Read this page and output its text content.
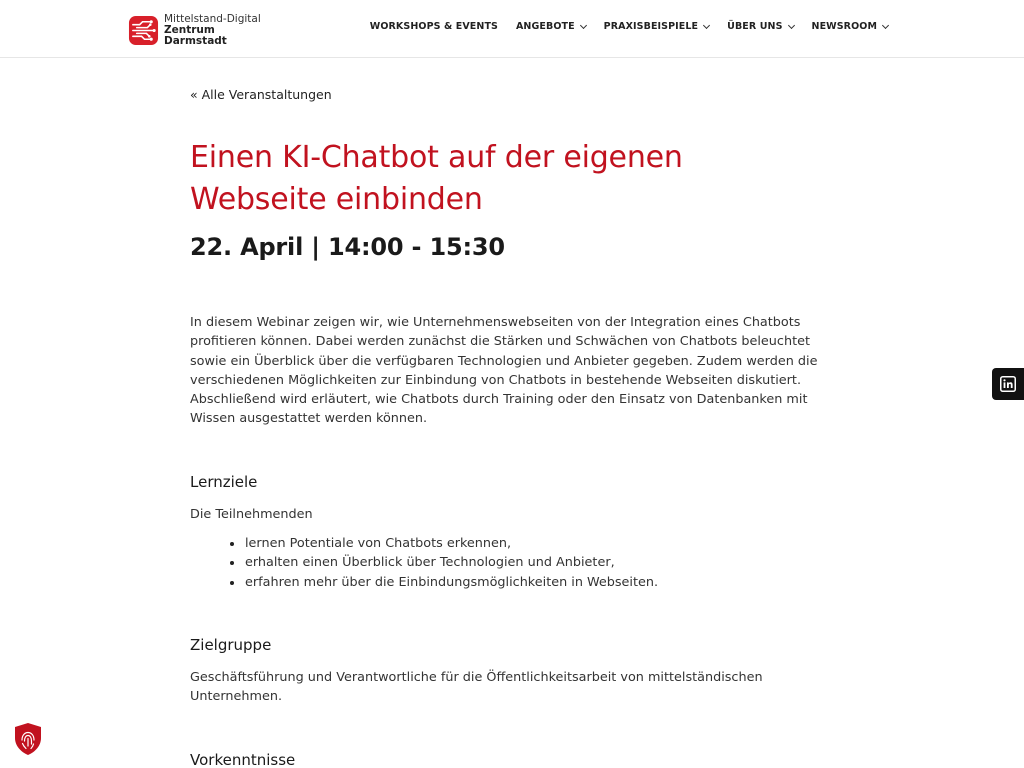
Mittelstand-Digital
Zentrum
Darmstadt
WORKSHOPS & EVENTS ANGEBOTE	PRAXISBEISPIELE	ÜBER UNS	NEWSROOM
« Alle Veranstaltungen
Einen KI-Chatbot auf der eigenen
Webseite einbinden
22. April | 14:00 - 15:30

In diesem Webinar zeigen wir, wie Unternehmenswebseiten von der Integration eines Chatbots profitieren können. Dabei werden zunächst die Stärken und Schwächen von Chatbots beleuchtet sowie ein Überblick über die verfügbaren Technologien und Anbieter gegeben. Zudem werden die verschiedenen Möglichkeiten zur Einbindung von Chatbots in bestehende Webseiten diskutiert. Abschließend wird erläutert, wie Chatbots durch Training oder den Einsatz von Datenbanken mit Wissen ausgestattet werden können.

Lernziele

Die Teilnehmenden

lernen Potentiale von Chatbots erkennen,
erhalten einen Überblick über Technologien und Anbieter,
erfahren mehr über die Einbindungsmöglichkeiten in Webseiten.
Zielgruppe

Geschäftsführung und Verantwortliche für die Öffentlichkeitsarbeit von mittelständischen Unternehmen.

Vorkenntnisse
